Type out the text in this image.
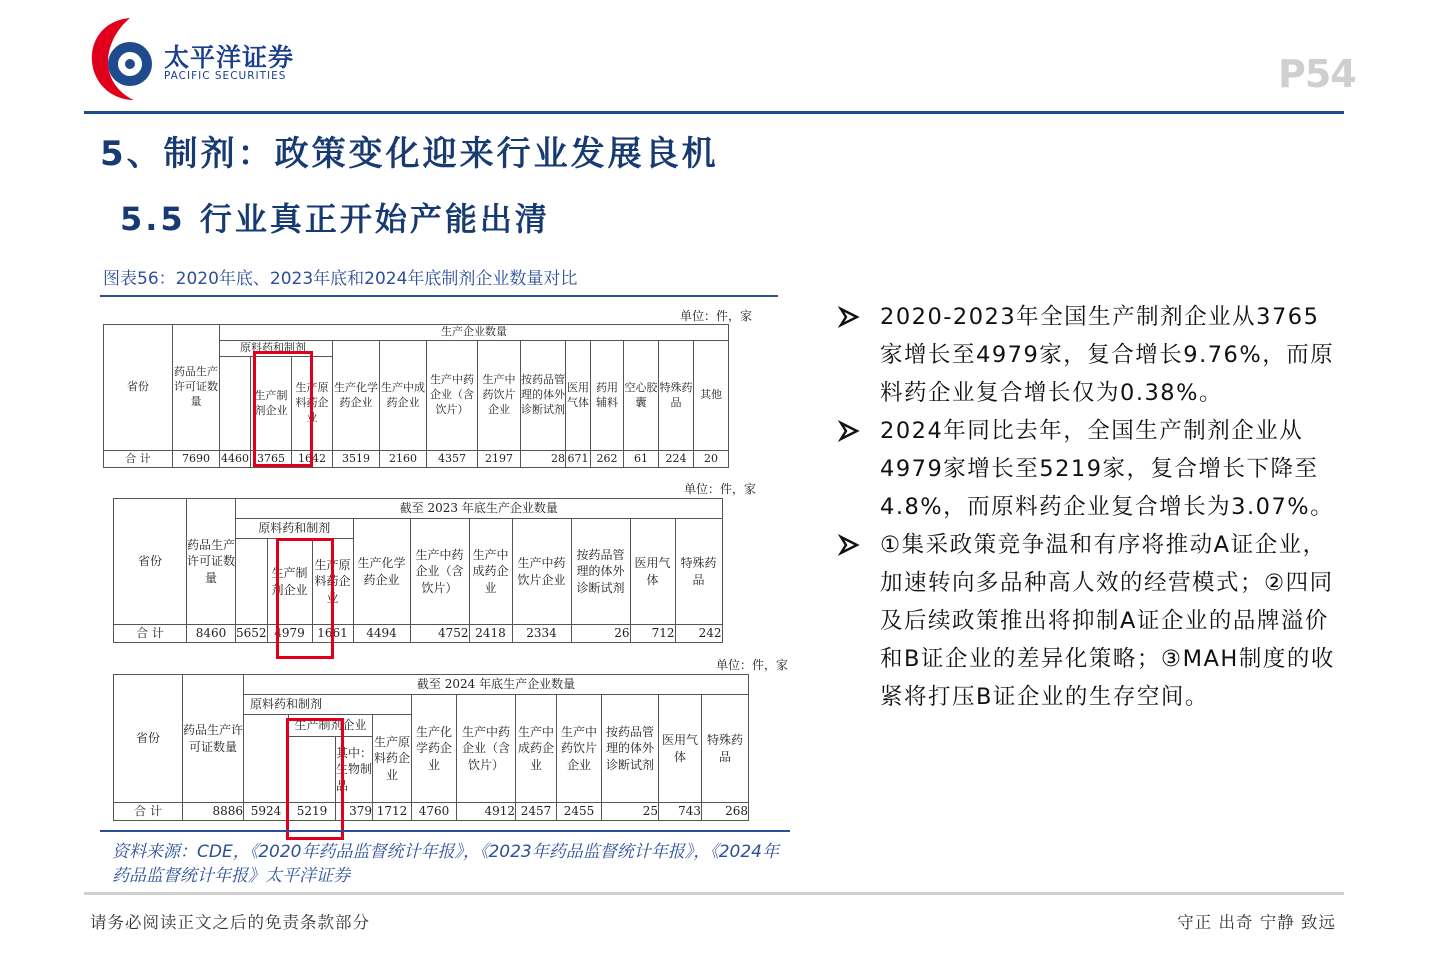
太平洋证券
PACIFIC SECURITIES	P54
5、制剂：政策变化迎来行业发展良机
5.5 行业真正开始产能出清
图表56：2020年底、2023年底和2024年底制剂企业数量对比
单位：件，家
省份	药品生产许可证数量	生产企业数量												
		原料药和制剂			生产化学药企业	生产中成药企业	生产中药企业（含饮片）	生产中药饮片企业	按药品管理的体外诊断试剂	医用气体	药用辅料	空心胶囊	特殊药品	其他
			生产制剂企业	生产原料药企业										
合 计	7690	4460	3765	1642	3519	2160	4357	2197	28	671	262	61	224	20
单位：件，家
省份	药品生产许可证数量	截至 2023 年底生产企业数量									
		原料药和制剂			生产化学药企业	生产中药企业（含饮片）	生产中成药企业	生产中药饮片企业	按药品管理的体外诊断试剂	医用气体	特殊药品
			生产制剂企业	生产原料药企业							
合 计	8460	5652	4979	1661	4494	4752	2418	2334	26	712	242
单位：件，家
省份	药品生产许可证数量	截至 2024 年底生产企业数量										
		原料药和制剂				生产化学药企业	生产中药企业（含饮片）	生产中成药企业	生产中药饮片企业	按药品管理的体外诊断试剂	医用气体	特殊药品
			生产制剂企业		生产原料药企业							
				其中：生物制品								
合 计	8886	5924	5219	379	1712	4760	4912	2457	2455	25	743	268
资料来源：CDE，《2020年药品监督统计年报》，《2023年药品监督统计年报》，《2024年药品监督统计年报》太平洋证券
2020-2023年全国生产制剂企业从3765家增长至4979家，复合增长9.76%，而原料药企业复合增长仅为0.38%。
2024年同比去年，全国生产制剂企业从4979家增长至5219家，复合增长下降至4.8%，而原料药企业复合增长为3.07%。
①集采政策竞争温和有序将推动A证企业，加速转向多品种高人效的经营模式；②四同及后续政策推出将抑制A证企业的品牌溢价和B证企业的差异化策略；③MAH制度的收紧将打压B证企业的生存空间。
请务必阅读正文之后的免责条款部分	守正 出奇 宁静 致远
